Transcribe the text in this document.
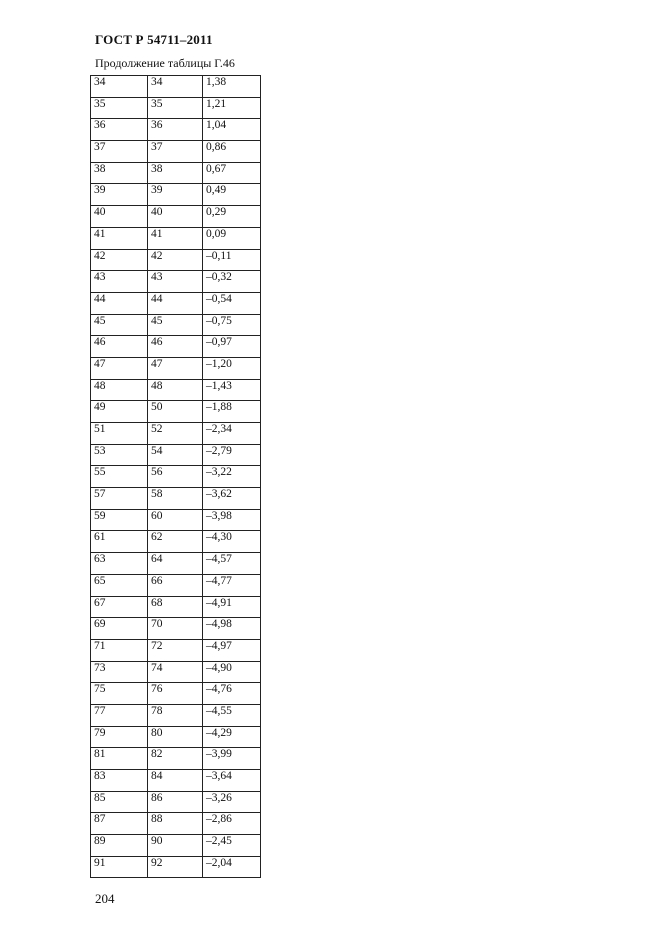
ГОСТ Р 54711–2011
Продолжение таблицы Г.46
34	34	1,38
35	35	1,21
36	36	1,04
37	37	0,86
38	38	0,67
39	39	0,49
40	40	0,29
41	41	0,09
42	42	–0,11
43	43	–0,32
44	44	–0,54
45	45	–0,75
46	46	–0,97
47	47	–1,20
48	48	–1,43
49	50	–1,88
51	52	–2,34
53	54	–2,79
55	56	–3,22
57	58	–3,62
59	60	–3,98
61	62	–4,30
63	64	–4,57
65	66	–4,77
67	68	–4,91
69	70	–4,98
71	72	–4,97
73	74	–4,90
75	76	–4,76
77	78	–4,55
79	80	–4,29
81	82	–3,99
83	84	–3,64
85	86	–3,26
87	88	–2,86
89	90	–2,45
91	92	–2,04
204
